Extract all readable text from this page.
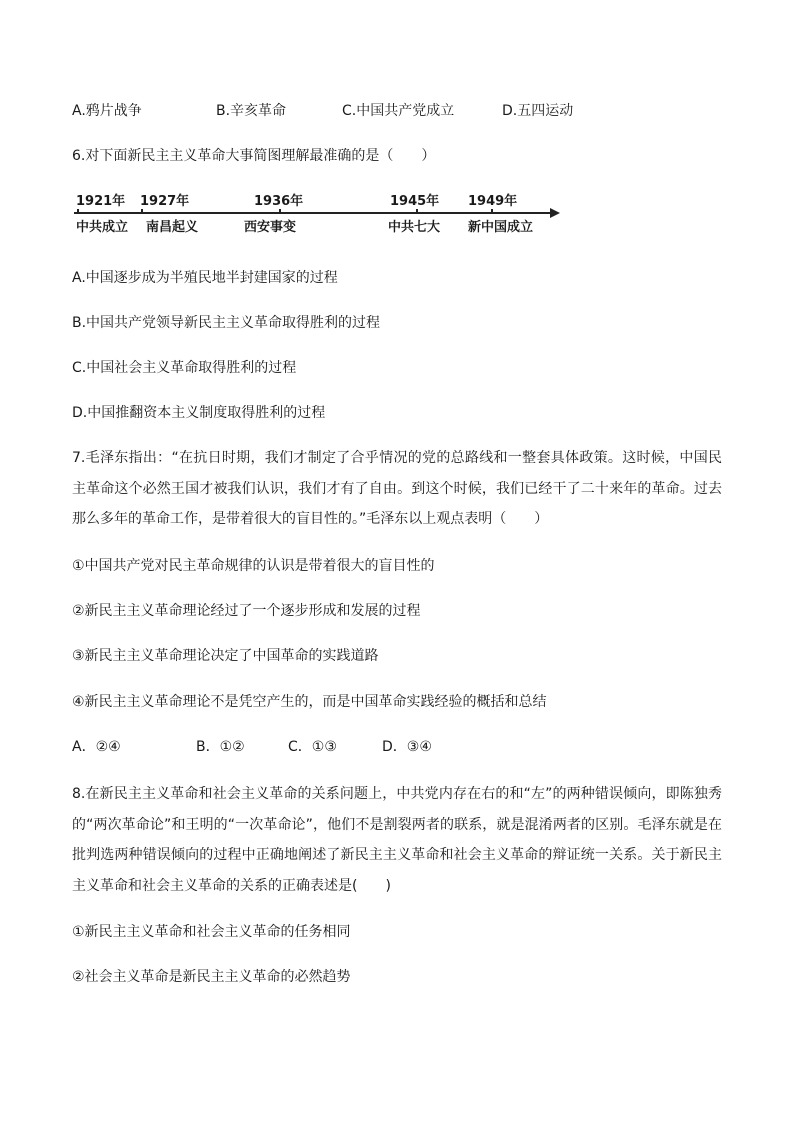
A.鸦片战争	B.辛亥革命	C.中国共产党成立	D.五四运动
6.对下面新民主主义革命大事简图理解最准确的是（　　）
1921年 1927年	1936年	1945年 1949年
中共成立 南昌起义	西安事变	中共七大 新中国成立
A.中国逐步成为半殖民地半封建国家的过程
B.中国共产党领导新民主主义革命取得胜利的过程
C.中国社会主义革命取得胜利的过程
D.中国推翻资本主义制度取得胜利的过程
7.毛泽东指出：“在抗日时期，我们才制定了合乎情况的党的总路线和一整套具体政策。这时候，中国民主革命这个必然王国才被我们认识，我们才有了自由。到这个时候，我们已经干了二十来年的革命。过去那么多年的革命工作，是带着很大的盲目性的。”毛泽东以上观点表明（　　）
①中国共产党对民主革命规律的认识是带着很大的盲目性的
②新民主主义革命理论经过了一个逐步形成和发展的过程
③新民主主义革命理论决定了中国革命的实践道路
④新民主主义革命理论不是凭空产生的，而是中国革命实践经验的概括和总结
A．②④	B．①②	C．①③	D．③④
8.在新民主主义革命和社会主义革命的关系问题上，中共党内存在右的和“左”的两种错误倾向，即陈独秀的“两次革命论”和王明的“一次革命论”，他们不是割裂两者的联系，就是混淆两者的区别。毛泽东就是在批判选两种错误倾向的过程中正确地阐述了新民主主义革命和社会主义革命的辩证统一关系。关于新民主主义革命和社会主义革命的关系的正确表述是(　　)
①新民主主义革命和社会主义革命的任务相同
②社会主义革命是新民主主义革命的必然趋势
